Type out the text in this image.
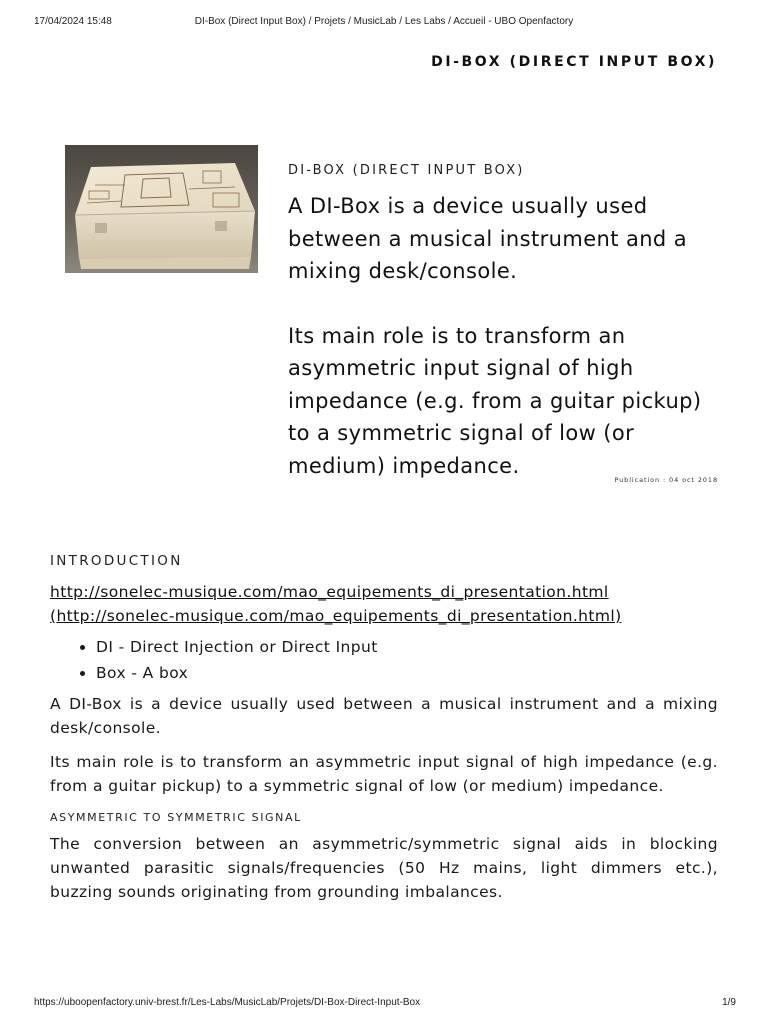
17/04/2024 15:48	DI-Box (Direct Input Box) / Projets / MusicLab / Les Labs / Accueil - UBO Openfactory
DI-BOX (DIRECT INPUT BOX)
DI-BOX (DIRECT INPUT BOX)

A DI-Box is a device usually used between a musical instrument and a mixing desk/console.

Its main role is to transform an asymmetric input signal of high impedance (e.g. from a guitar pickup) to a symmetric signal of low (or medium) impedance.

Publication : 04 oct 2018
INTRODUCTION
http://sonelec-musique.com/mao_equipements_di_presentation.html
(http://sonelec-musique.com/mao_equipements_di_presentation.html)
• DI - Direct Injection or Direct Input
• Box - A box

A DI-Box is a device usually used between a musical instrument and a mixing desk/console.

Its main role is to transform an asymmetric input signal of high impedance (e.g. from a guitar pickup) to a symmetric signal of low (or medium) impedance.

ASYMMETRIC TO SYMMETRIC SIGNAL

The conversion between an asymmetric/symmetric signal aids in blocking unwanted parasitic signals/frequencies (50 Hz mains, light dimmers etc.), buzzing sounds originating from grounding imbalances.

https://uboopenfactory.univ-brest.fr/Les-Labs/MusicLab/Projets/DI-Box-Direct-Input-Box	1/9
